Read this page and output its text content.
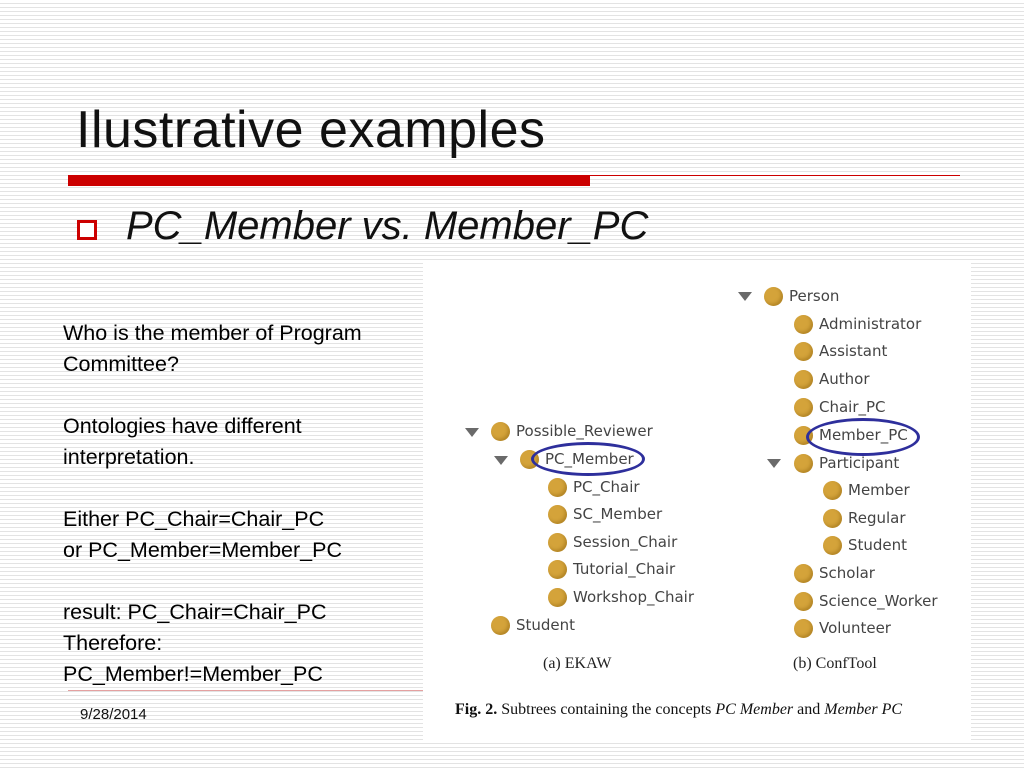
Ilustrative examples
PC_Member vs. Member_PC

Who is the member of Program

Committee?

Ontologies have different

interpretation.

Either PC_Chair=Chair_PC

or PC_Member=Member_PC

result: PC_Chair=Chair_PC

Therefore:

PC_Member!=Member_PC

9/28/2014
Possible_Reviewer
PC_Member
PC_Chair
SC_Member
Session_Chair
Tutorial_Chair
Workshop_Chair
Student
(a) EKAW
Person
Administrator
Assistant
Author
Chair_PC
Member_PC
Participant
Member
Regular
Student
Scholar
Science_Worker
Volunteer
(b) ConfTool
Fig. 2. Subtrees containing the concepts PC Member and Member PC
